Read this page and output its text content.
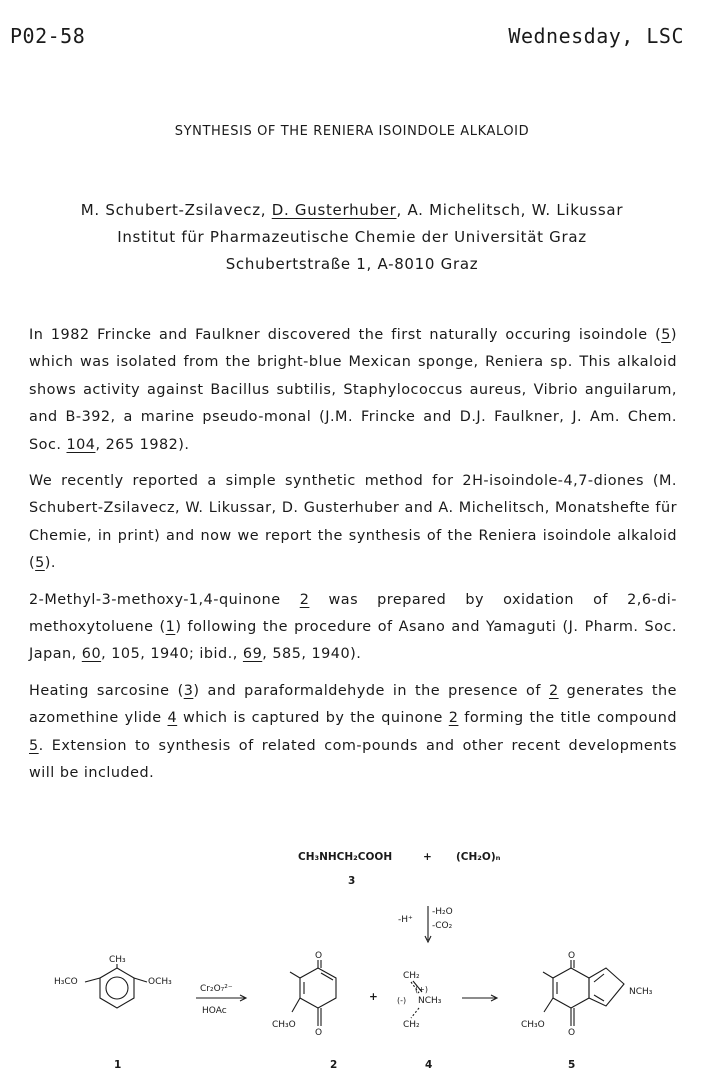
P02-58	Wednesday, LSC
SYNTHESIS OF THE RENIERA ISOINDOLE ALKALOID
M. Schubert-Zsilavecz, D. Gusterhuber, A. Michelitsch, W. Likussar
Institut für Pharmazeutische Chemie der Universität Graz
Schubertstraße 1, A-8010 Graz

In 1982 Frincke and Faulkner discovered the first naturally occuring isoindole (5) which was isolated from the bright-blue Mexican sponge, Reniera sp. This alkaloid shows activity against Bacillus subtilis, Staphylococcus aureus, Vibrio anguilarum, and B-392, a marine pseudo-monal (J.M. Frincke and D.J. Faulkner, J. Am. Chem. Soc. 104, 265 1982).

We recently reported a simple synthetic method for 2H-isoindole-4,7-diones (M. Schubert-Zsilavecz, W. Likussar, D. Gusterhuber and A. Michelitsch, Monatshefte für Chemie, in print) and now we report the synthesis of the Reniera isoindole alkaloid (5).

2-Methyl-3-methoxy-1,4-quinone 2 was prepared by oxidation of 2,6-di-methoxytoluene (1) following the procedure of Asano and Yamaguti (J. Pharm. Soc. Japan, 60, 105, 1940; ibid., 69, 585, 1940).

Heating sarcosine (3) and paraformaldehyde in the presence of 2 generates the azomethine ylide 4 which is captured by the quinone 2 forming the title compound 5. Extension to synthesis of related com-pounds and other recent developments will be included.

CH₃NHCH₂COOH	+ (CH₂O)ₙ
3
-H⁺
-H₂O
-CO₂
CH₃
H₃CO	OCH₃
1
Cr₂O₇²⁻
HOAc
O
O
CH₃O
2
+
CH₂
(+)
(-) NCH₃
CH₂
4
O
O
CH₃O
NCH₃
5
